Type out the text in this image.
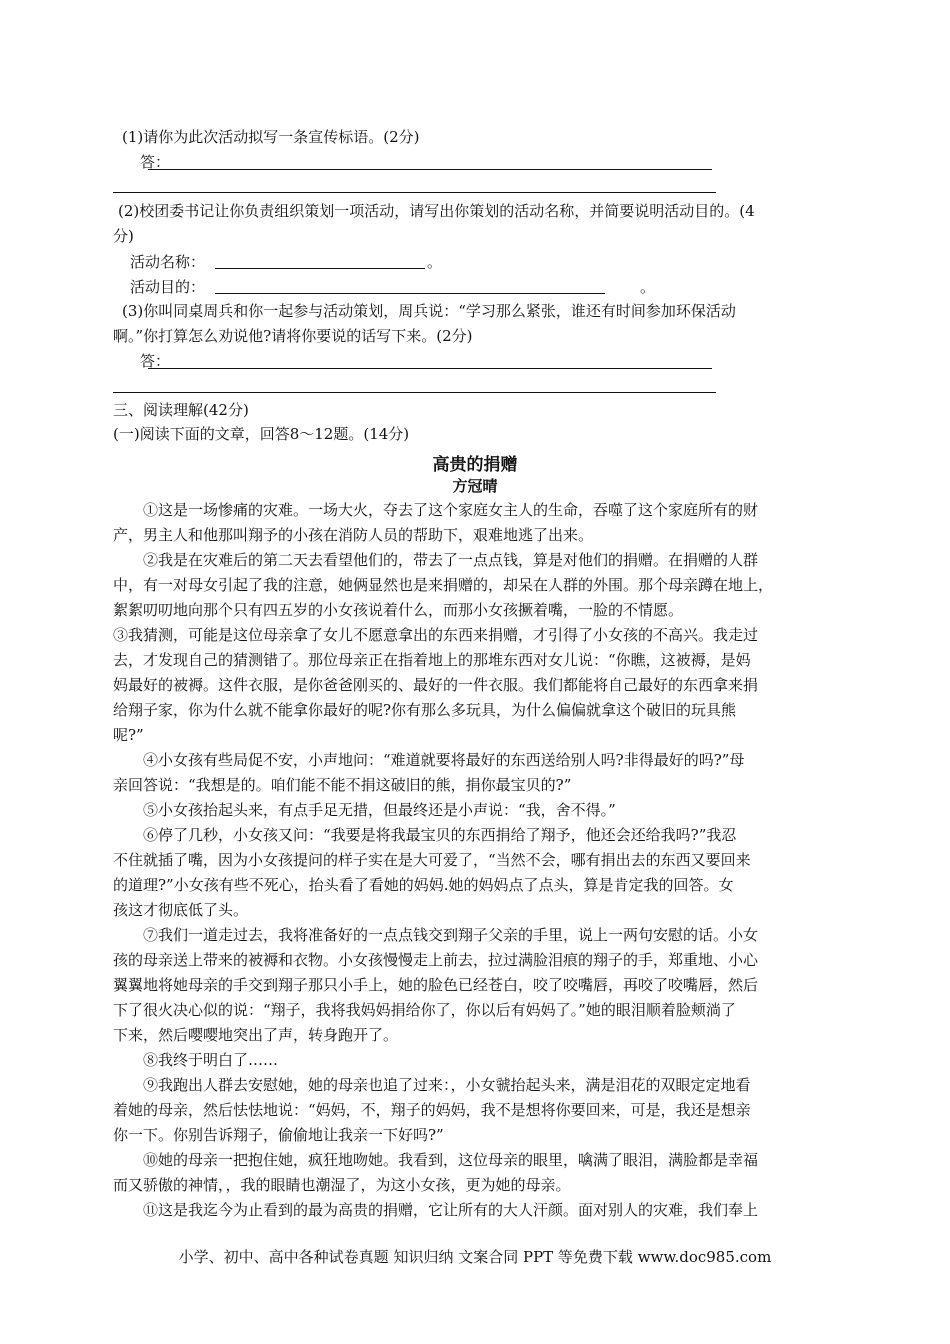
(1)请你为此次活动拟写一条宣传标语。(2分)
答：
(2)校团委书记让你负责组织策划一项活动，请写出你策划的活动名称，并简要说明活动目的。(4
分)
活动名称：	。
活动目的：	。
(3)你叫同桌周兵和你一起参与活动策划，周兵说：“学习那么紧张，谁还有时间参加环保活动
啊。”你打算怎么劝说他?请将你要说的话写下来。(2分)
答：
三、阅读理解(42分)
(一)阅读下面的文章，回答8～12题。(14分)
高贵的捐赠
方冠晴
①这是一场惨痛的灾难。一场大火，夺去了这个家庭女主人的生命，吞噬了这个家庭所有的财
产，男主人和他那叫翔予的小孩在消防人员的帮助下，艰难地逃了出来。
②我是在灾难后的第二天去看望他们的，带去了一点点钱，算是对他们的捐赠。在捐赠的人群
中，有一对母女引起了我的注意，她俩显然也是来捐赠的，却呆在人群的外围。那个母亲蹲在地上，
絮絮叨叨地向那个只有四五岁的小女孩说着什么，而那小女孩撅着嘴，一脸的不情愿。
③我猜测，可能是这位母亲拿了女儿不愿意拿出的东西来捐赠，才引得了小女孩的不高兴。我走过
去，才发现自己的猜测错了。那位母亲正在指着地上的那堆东西对女儿说：“你瞧，这被褥，是妈
妈最好的被褥。这件衣服，是你爸爸刚买的、最好的一件衣服。我们都能将自己最好的东西拿来捐
给翔子家，你为什么就不能拿你最好的呢?你有那么多玩具，为什么偏偏就拿这个破旧的玩具熊
呢?”
④小女孩有些局促不安，小声地问：“难道就要将最好的东西送给别人吗?非得最好的吗?”母
亲回答说：“我想是的。咱们能不能不捐这破旧的熊，捐你最宝贝的?”
⑤小女孩抬起头来，有点手足无措，但最终还是小声说：“我，舍不得。”
⑥停了几秒，小女孩又问：“我要是将我最宝贝的东西捐给了翔予，他还会还给我吗?”我忍
不住就插了嘴，因为小女孩提问的样子实在是大可爱了，“当然不会，哪有捐出去的东西又要回来
的道理?”小女孩有些不死心，抬头看了看她的妈妈.她的妈妈点了点头，算是肯定我的回答。女
孩这才彻底低了头。
⑦我们一道走过去，我将准备好的一点点钱交到翔子父亲的手里，说上一两句安慰的话。小女
孩的母亲送上带来的被褥和衣物。小女孩慢慢走上前去，拉过满脸泪痕的翔子的手，郑重地、小心
翼翼地将她母亲的手交到翔子那只小手上，她的脸色已经苍白，咬了咬嘴唇，再咬了咬嘴唇，然后
下了很火决心似的说：“翔子，我将我妈妈捐给你了，你以后有妈妈了。”她的眼泪顺着脸颊淌了
下来，然后嘤嘤地突出了声，转身跑开了。
⑧我终于明白了……
⑨我跑出人群去安慰她，她的母亲也追了过来：，小女虢抬起头来，满是泪花的双眼定定地看
着她的母亲，然后怯怯地说：“妈妈，不，翔子的妈妈，我不是想将你要回来，可是，我还是想亲
你一下。你别告诉翔子，偷偷地让我亲一下好吗?”
⑩她的母亲一把抱住她，疯狂地吻她。我看到，这位母亲的眼里，噙满了眼泪，满脸都是幸福
而又骄傲的神情，，我的眼睛也潮湿了，为这小女孩，更为她的母亲。
⑪这是我迄今为止看到的最为高贵的捐赠，它让所有的大人汗颜。面对别人的灾难，我们奉上
小学、初中、高中各种试卷真题 知识归纳 文案合同 PPT 等免费下载 www.doc985.com
